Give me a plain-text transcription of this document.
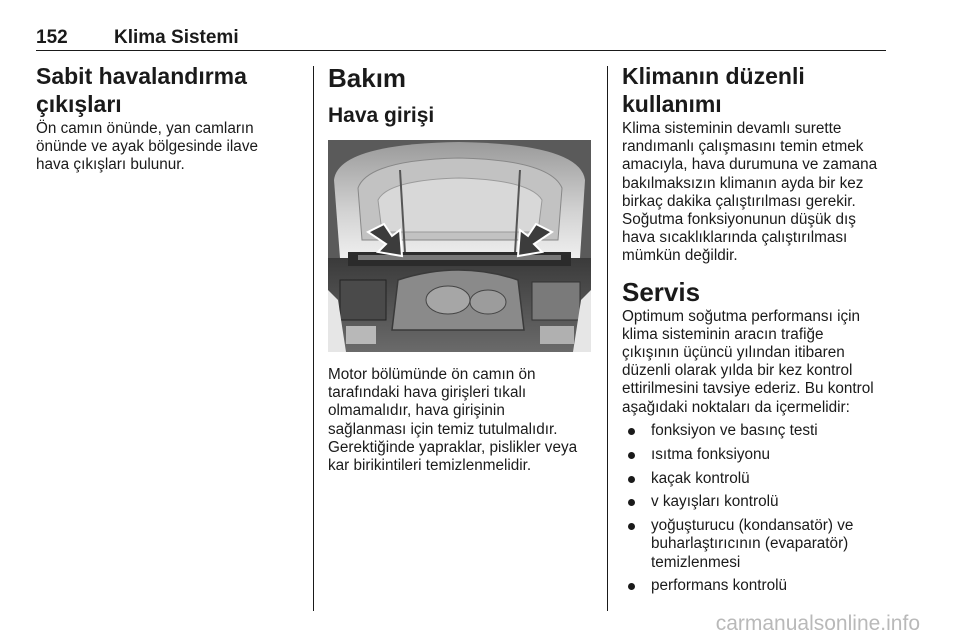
152 Klima Sistemi
Sabit havalandırma çıkışları

Ön camın önünde, yan camların

önünde ve ayak bölgesinde ilave

hava çıkışları bulunur.

Bakım
Hava girişi

Motor bölümünde ön camın ön

tarafındaki hava girişleri tıkalı

olmamalıdır, hava girişinin

sağlanması için temiz tutulmalıdır.

Gerektiğinde yapraklar, pislikler veya

kar birikintileri temizlenmelidir.

Klimanın düzenli kullanımı

Klima sisteminin devamlı surette

randımanlı çalışmasını temin etmek

amacıyla, hava durumuna ve zamana

bakılmaksızın klimanın ayda bir kez

birkaç dakika çalıştırılması gerekir.

Soğutma fonksiyonunun düşük dış

hava sıcaklıklarında çalıştırılması

mümkün değildir.

Servis

Optimum soğutma performansı için

klima sisteminin aracın trafiğe

çıkışının üçüncü yılından itibaren

düzenli olarak yılda bir kez kontrol

ettirilmesini tavsiye ederiz. Bu kontrol

aşağıdaki noktaları da içermelidir:

fonksiyon ve basınç testi
ısıtma fonksiyonu
kaçak kontrolü
v kayışları kontrolü
yoğuşturucu (kondansatör) ve
buharlaştırıcının (evaparatör)
temizlenmesi
performans kontrolü
carmanualsonline.info
